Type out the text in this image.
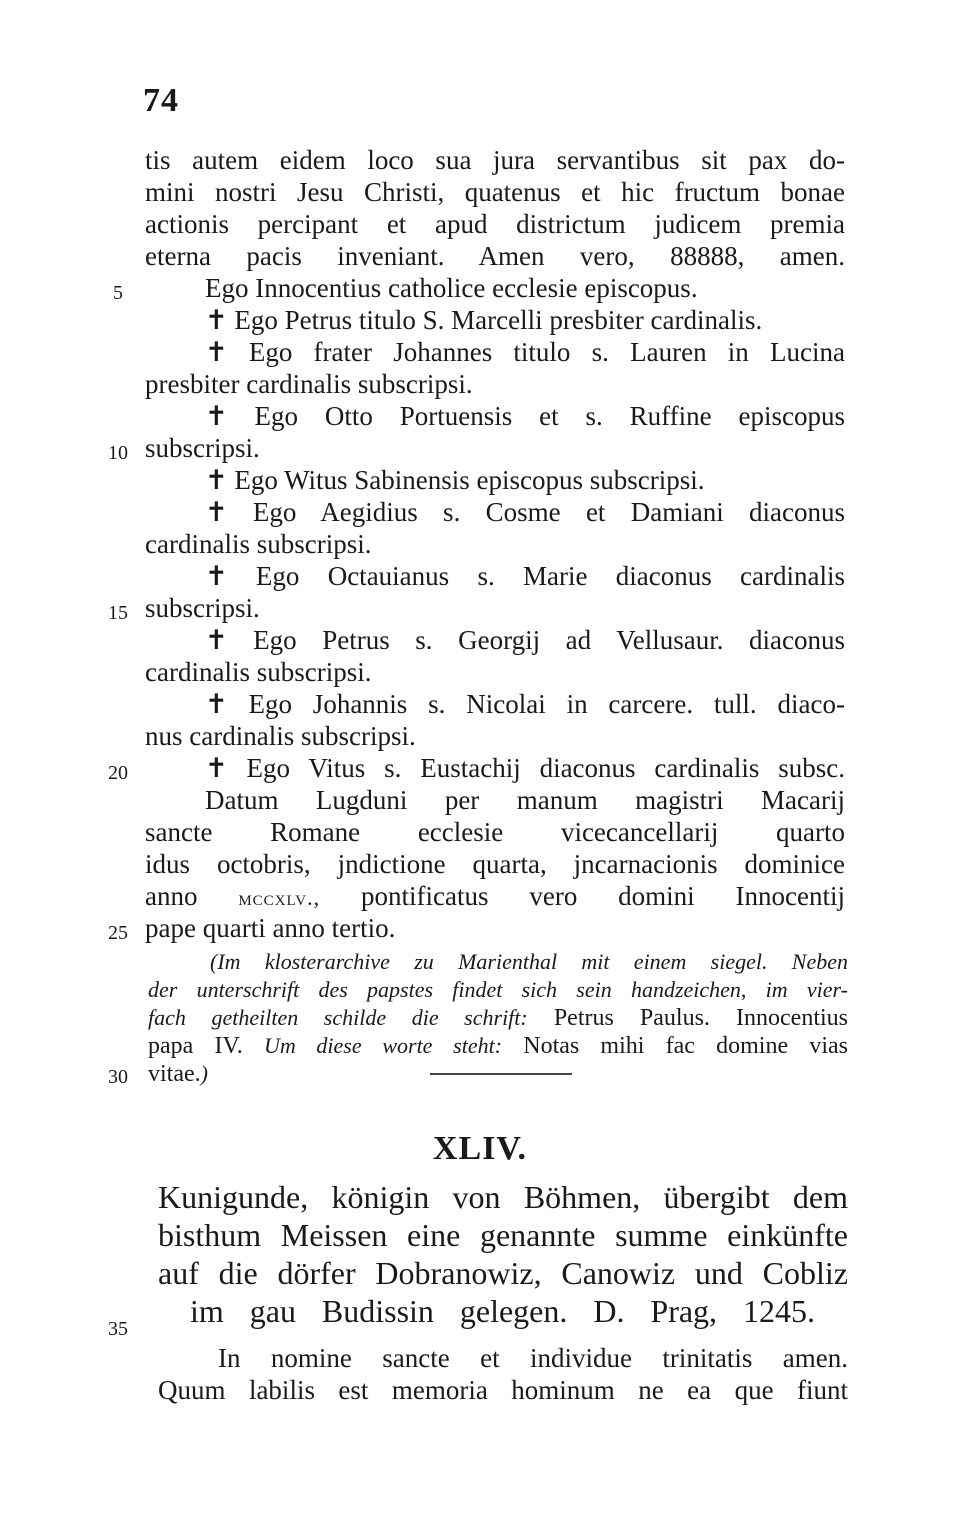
74
tis autem eidem loco sua jura servantibus sit pax do-
mini nostri Jesu Christi, quatenus et hic fructum bonae
actionis percipant et apud districtum judicem premia
eterna pacis inveniant. Amen vero, 88888, amen.
Ego Innocentius catholice ecclesie episcopus.
✝ Ego Petrus titulo S. Marcelli presbiter cardinalis.
✝ Ego frater Johannes titulo s. Lauren in Lucina
presbiter cardinalis subscripsi.
✝ Ego Otto Portuensis et s. Ruffine episcopus
subscripsi.
✝ Ego Witus Sabinensis episcopus subscripsi.
✝ Ego Aegidius s. Cosme et Damiani diaconus
cardinalis subscripsi.
✝ Ego Octauianus s. Marie diaconus cardinalis
subscripsi.
✝ Ego Petrus s. Georgij ad Vellusaur. diaconus
cardinalis subscripsi.
✝ Ego Johannis s. Nicolai in carcere. tull. diaco-
nus cardinalis subscripsi.
✝ Ego Vitus s. Eustachij diaconus cardinalis subsc.
Datum Lugduni per manum magistri Macarij
sancte Romane ecclesie vicecancellarij quarto
idus octobris, jndictione quarta, jncarnacionis dominice
anno mccxlv., pontificatus vero domini Innocentij
pape quarti anno tertio.
(Im klosterarchive zu Marienthal mit einem siegel. Neben
der unterschrift des papstes findet sich sein handzeichen, im vier-
fach getheilten schilde die schrift: Petrus Paulus. Innocentius
papa IV. Um diese worte steht: Notas mihi fac domine vias
vitae.)
5
10
15
20
25
30
35
XLIV.
Kunigunde, königin von Böhmen, übergibt dem
bisthum Meissen eine genannte summe einkünfte
auf die dörfer Dobranowiz, Canowiz und Cobliz
im gau Budissin gelegen. D. Prag, 1245.
In nomine sancte et individue trinitatis amen.
Quum labilis est memoria hominum ne ea que fiunt
